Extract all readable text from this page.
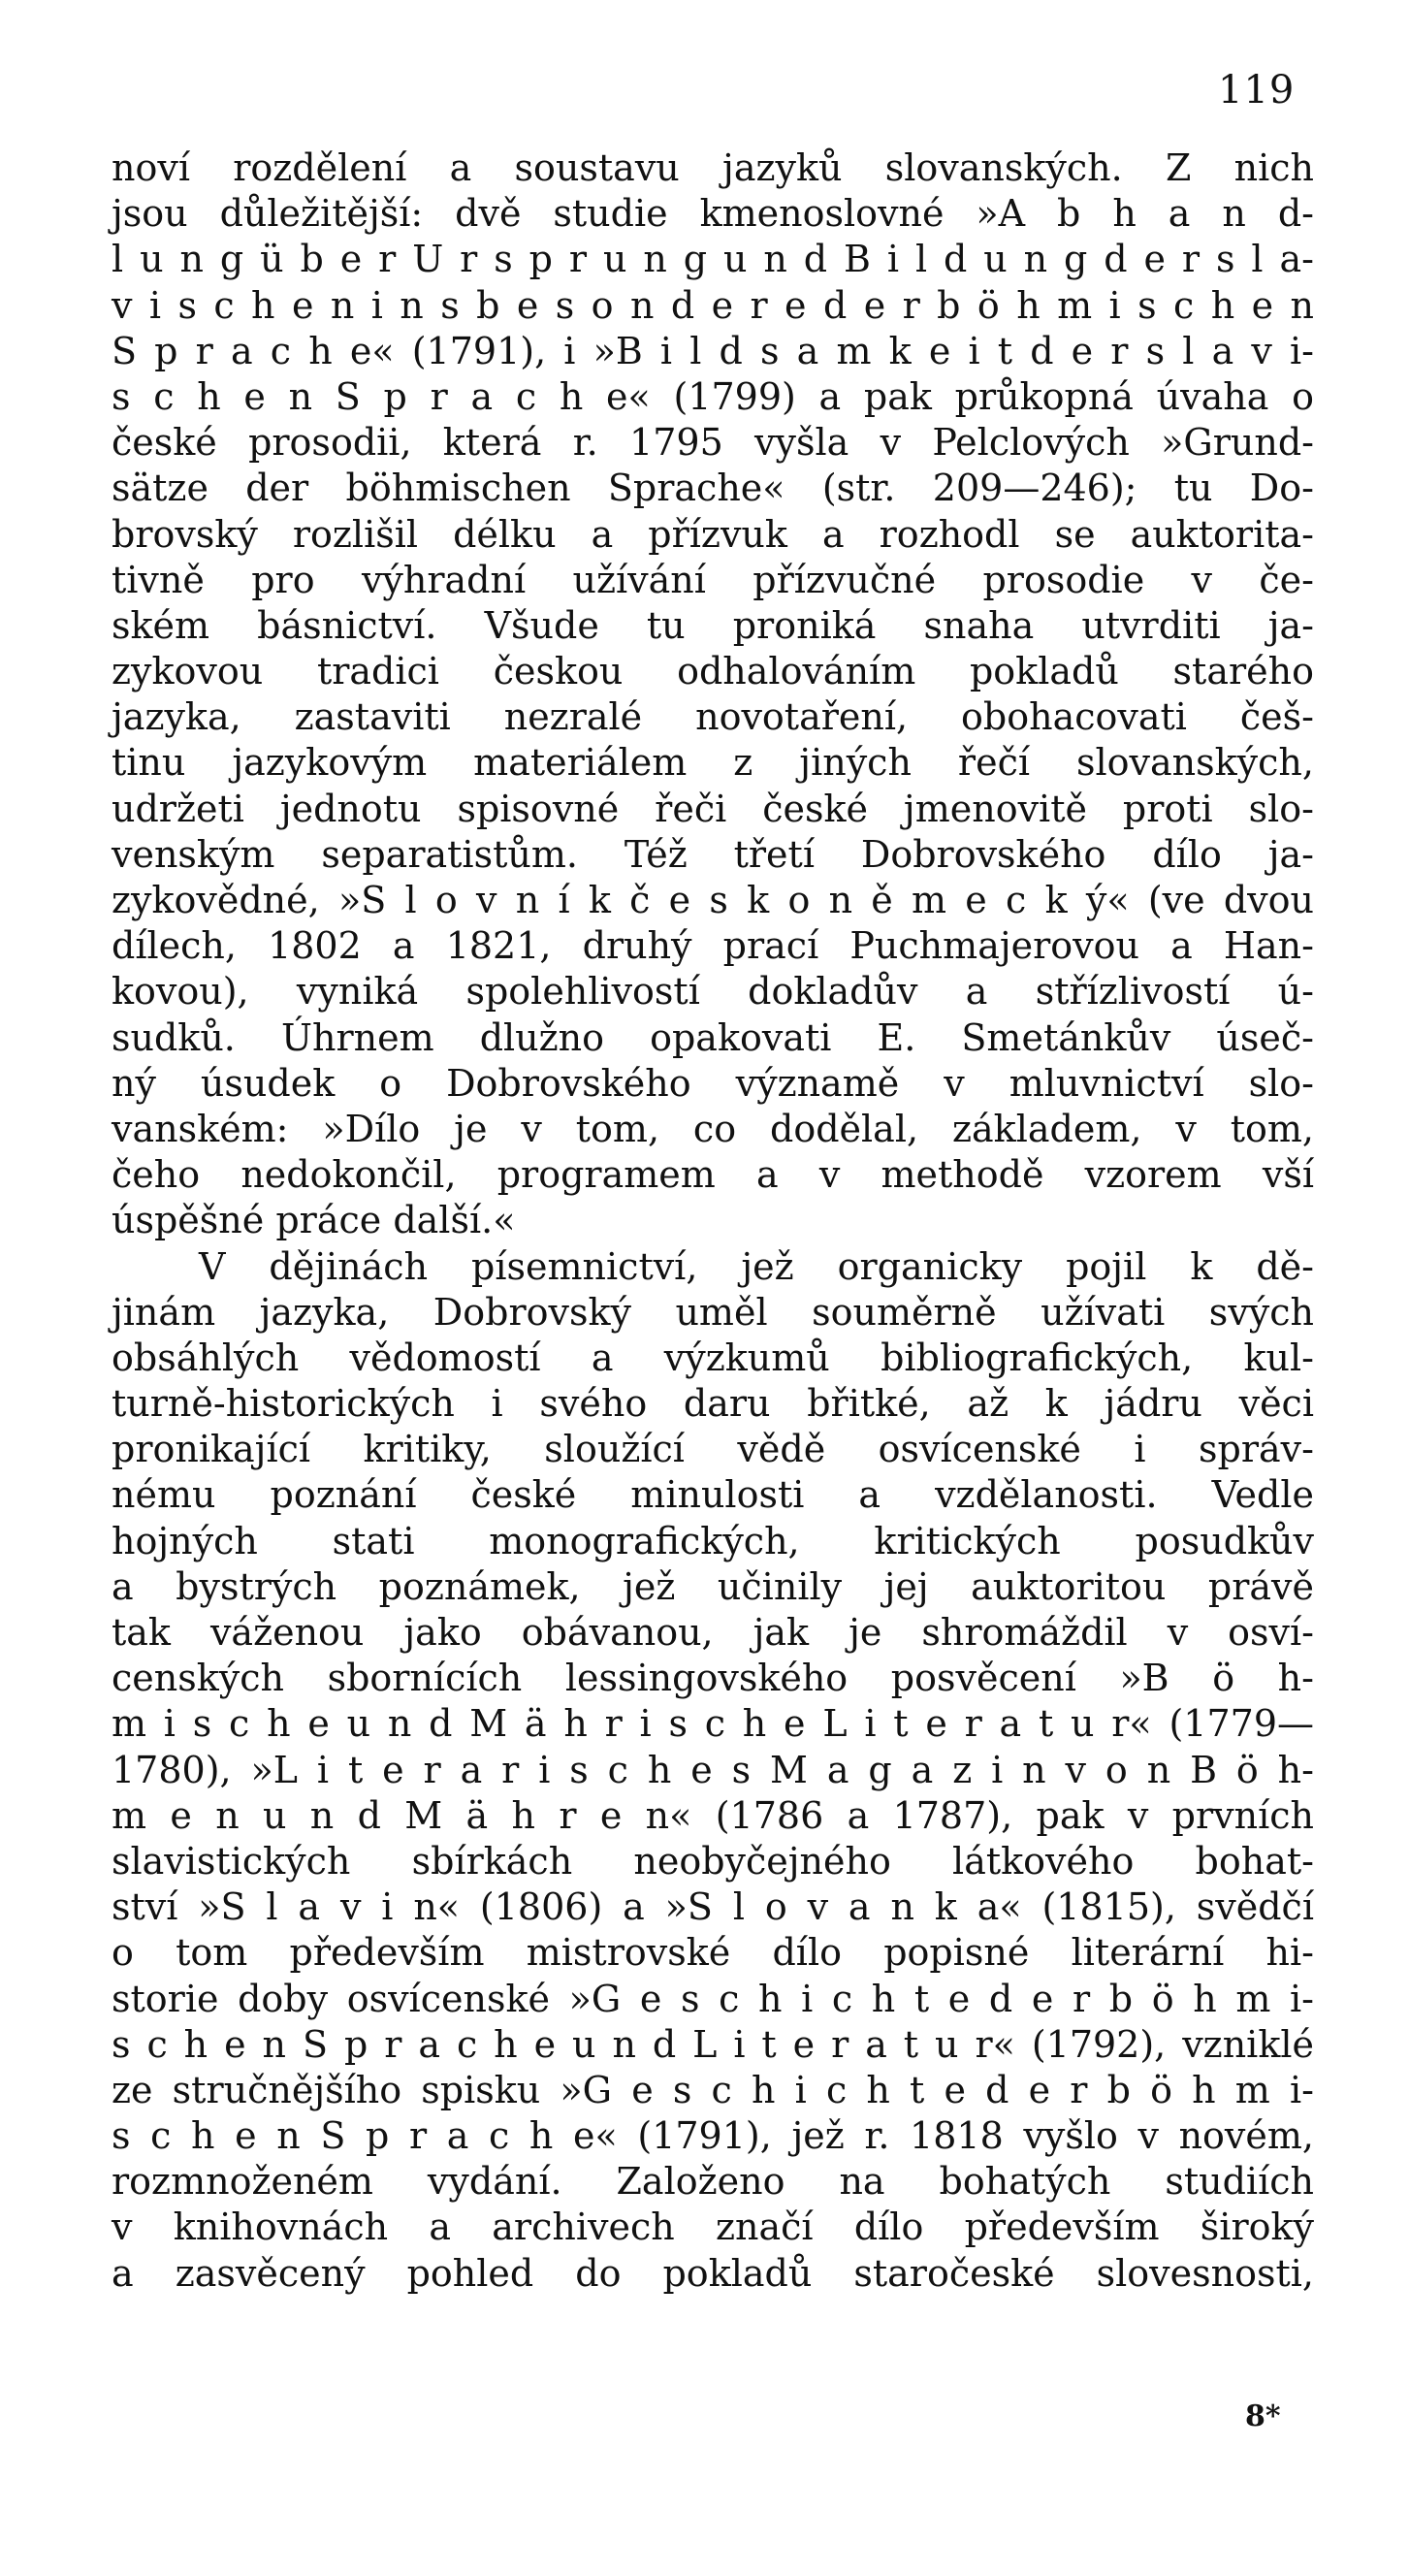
119
noví rozdělení a soustavu jazyků slovanských. Z nich
jsou důležitější: dvě studie kmenoslovné »A b h a n d-
l u n g ü b e r U r s p r u n g u n d B i l d u n g d e r s l a-
v i s c h e n i n s b e s o n d e r e d e r b ö h m i s c h e n
S p r a c h e« (1791), i »B i l d s a m k e i t d e r s l a v i-
s c h e n S p r a c h e« (1799) a pak průkopná úvaha o
české prosodii, která r. 1795 vyšla v Pelclových »Grund-
sätze der böhmischen Sprache« (str. 209—246); tu Do-
brovský rozlišil délku a přízvuk a rozhodl se auktorita-
tivně pro výhradní užívání přízvučné prosodie v če-
ském básnictví. Všude tu proniká snaha utvrditi ja-
zykovou tradici českou odhalováním pokladů starého
jazyka, zastaviti nezralé novotaření, obohacovati češ-
tinu jazykovým materiálem z jiných řečí slovanských,
udržeti jednotu spisovné řeči české jmenovitě proti slo-
venským separatistům. Též třetí Dobrovského dílo ja-
zykovědné, »S l o v n í k č e s k o n ě m e c k ý« (ve dvou
dílech, 1802 a 1821, druhý prací Puchmajerovou a Han-
kovou), vyniká spolehlivostí dokladův a střízlivostí ú-
sudků. Úhrnem dlužno opakovati E. Smetánkův úseč-
ný úsudek o Dobrovského významě v mluvnictví slo-
vanském: »Dílo je v tom, co dodělal, základem, v tom,
čeho nedokončil, programem a v methodě vzorem vší
úspěšné práce další.«
V dějinách písemnictví, jež organicky pojil k dě-
jinám jazyka, Dobrovský uměl souměrně užívati svých
obsáhlých vědomostí a výzkumů bibliografických, kul-
turně-historických i svého daru břitké, až k jádru věci
pronikající kritiky, sloužící vědě osvícenské i správ-
nému poznání české minulosti a vzdělanosti. Vedle
hojných stati monografických, kritických posudkův
a bystrých poznámek, jež učinily jej auktoritou právě
tak váženou jako obávanou, jak je shromáždil v osví-
cenských sbornících lessingovského posvěcení »B ö h-
m i s c h e u n d M ä h r i s c h e L i t e r a t u r« (1779—
1780), »L i t e r a r i s c h e s M a g a z i n v o n B ö h-
m e n u n d M ä h r e n« (1786 a 1787), pak v prvních
slavistických sbírkách neobyčejného látkového bohat-
ství »S l a v i n« (1806) a »S l o v a n k a« (1815), svědčí
o tom především mistrovské dílo popisné literární hi-
storie doby osvícenské »G e s c h i c h t e d e r b ö h m i-
s c h e n S p r a c h e u n d L i t e r a t u r« (1792), vzniklé
ze stručnějšího spisku »G e s c h i c h t e d e r b ö h m i-
s c h e n S p r a c h e« (1791), jež r. 1818 vyšlo v novém,
rozmnoženém vydání. Založeno na bohatých studiích
v knihovnách a archivech značí dílo především široký
a zasvěcený pohled do pokladů staročeské slovesnosti,
8*
